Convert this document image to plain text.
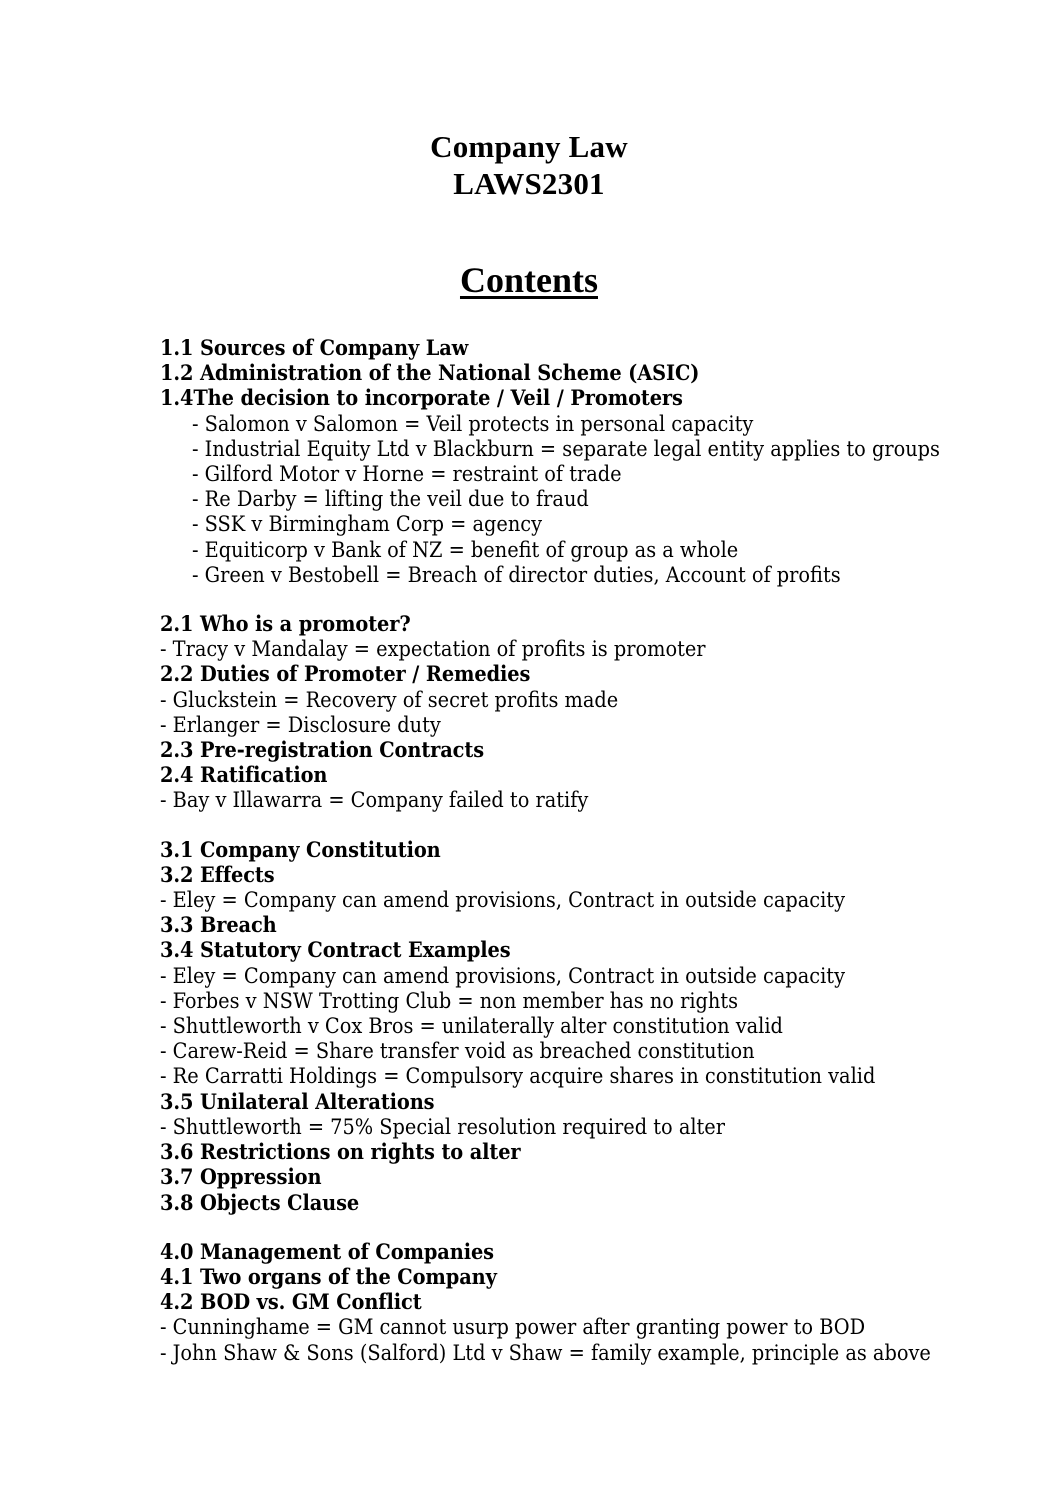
Company Law
LAWS2301
Contents
1.1 Sources of Company Law
1.2 Administration of the National Scheme (ASIC)
1.4The decision to incorporate / Veil / Promoters
- Salomon v Salomon = Veil protects in personal capacity
- Industrial Equity Ltd v Blackburn = separate legal entity applies to groups
- Gilford Motor v Horne = restraint of trade
- Re Darby = lifting the veil due to fraud
- SSK v Birmingham Corp = agency
- Equiticorp v Bank of NZ = benefit of group as a whole
- Green v Bestobell = Breach of director duties, Account of profits
2.1 Who is a promoter?
- Tracy v Mandalay = expectation of profits is promoter
2.2 Duties of Promoter / Remedies
- Gluckstein = Recovery of secret profits made
- Erlanger = Disclosure duty
2.3 Pre-registration Contracts
2.4 Ratification
- Bay v Illawarra = Company failed to ratify
3.1 Company Constitution
3.2 Effects
- Eley = Company can amend provisions, Contract in outside capacity
3.3 Breach
3.4 Statutory Contract Examples
- Eley = Company can amend provisions, Contract in outside capacity
- Forbes v NSW Trotting Club = non member has no rights
- Shuttleworth v Cox Bros = unilaterally alter constitution valid
- Carew-Reid = Share transfer void as breached constitution
- Re Carratti Holdings = Compulsory acquire shares in constitution valid
3.5 Unilateral Alterations
- Shuttleworth = 75% Special resolution required to alter
3.6 Restrictions on rights to alter
3.7 Oppression
3.8 Objects Clause
4.0 Management of Companies
4.1 Two organs of the Company
4.2 BOD vs. GM Conflict
- Cunninghame = GM cannot usurp power after granting power to BOD
- John Shaw & Sons (Salford) Ltd v Shaw = family example, principle as above
